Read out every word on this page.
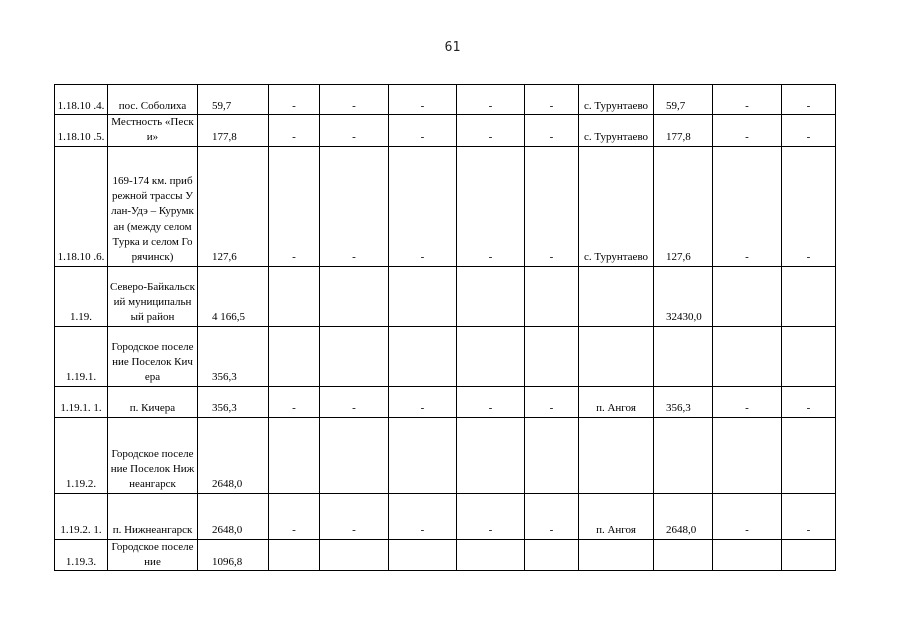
61
1.18.10 .4.	пос. Соболиха	59,7	-	-	-	-	-	с. Турунтаево	59,7	-	-
1.18.10 .5.	Местность «Пески»	177,8	-	-	-	-	-	с. Турунтаево	177,8	-	-
1.18.10 .6.	169-174 км. прибрежной трассы Улан-Удэ – Курумкан (между селом Турка и селом Горячинск)	127,6	-	-	-	-	-	с. Турунтаево	127,6	-	-
1.19.	Северо-Байкальский муниципальный район	4 166,5							32430,0		
1.19.1.	Городское поселение Поселок Кичера	356,3									
1.19.1. 1.	п. Кичера	356,3	-	-	-	-	-	п. Ангоя	356,3	-	-
1.19.2.	Городское поселение Поселок Нижнеангарск	2648,0									
1.19.2. 1.	п. Нижнеангарск	2648,0	-	-	-	-	-	п. Ангоя	2648,0	-	-
1.19.3.	Городское поселение	1096,8									
